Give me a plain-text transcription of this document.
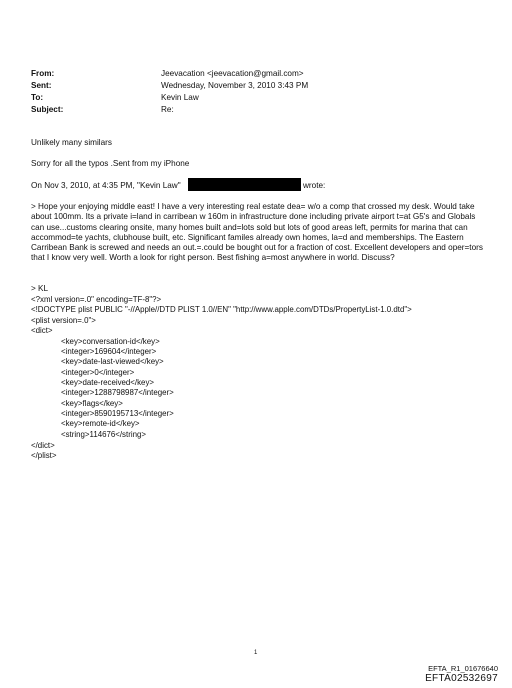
From:	Jeevacation <jeevacation@gmail.com>
Sent:	Wednesday, November 3, 2010 3:43 PM
To:	Kevin Law
Subject:	Re:
Unlikely many similars
Sorry for all the typos .Sent from my iPhone
On Nov 3, 2010, at 4:35 PM, "Kevin Law"	wrote:
> Hope your enjoying middle east! I have a very interesting real estate dea= w/o a comp that crossed my desk. Would take about 100mm. Its a private i=land in carribean w 160m in infrastructure done including private airport t=at G5's and Globals can use...customs clearing onsite, many homes built and=lots sold but lots of good areas left, permits for marina that can accommod=te yachts, clubhouse built, etc. Significant familes already own homes, la=d and memberships. The Eastern Carribean Bank is screwed and needs an out.=.could be bought out for a fraction of cost. Excellent developers and oper=tors that I know very well. Worth a look for right person. Best fishing a=most anywhere in world. Discuss?
> KL
<?xml version=.0" encoding=TF-8"?>
<!DOCTYPE plist PUBLIC "-//Apple//DTD PLIST 1.0//EN" "http://www.apple.com/DTDs/PropertyList-1.0.dtd">
<plist version=.0">
<dict>
<key>conversation-id</key>
<integer>169604</integer>
<key>date-last-viewed</key>
<integer>0</integer>
<key>date-received</key>
<integer>1288798987</integer>
<key>flags</key>
<integer>8590195713</integer>
<key>remote-id</key>
<string>114676</string>
</dict>
</plist>
1
EFTA_R1_01676640
EFTA02532697
